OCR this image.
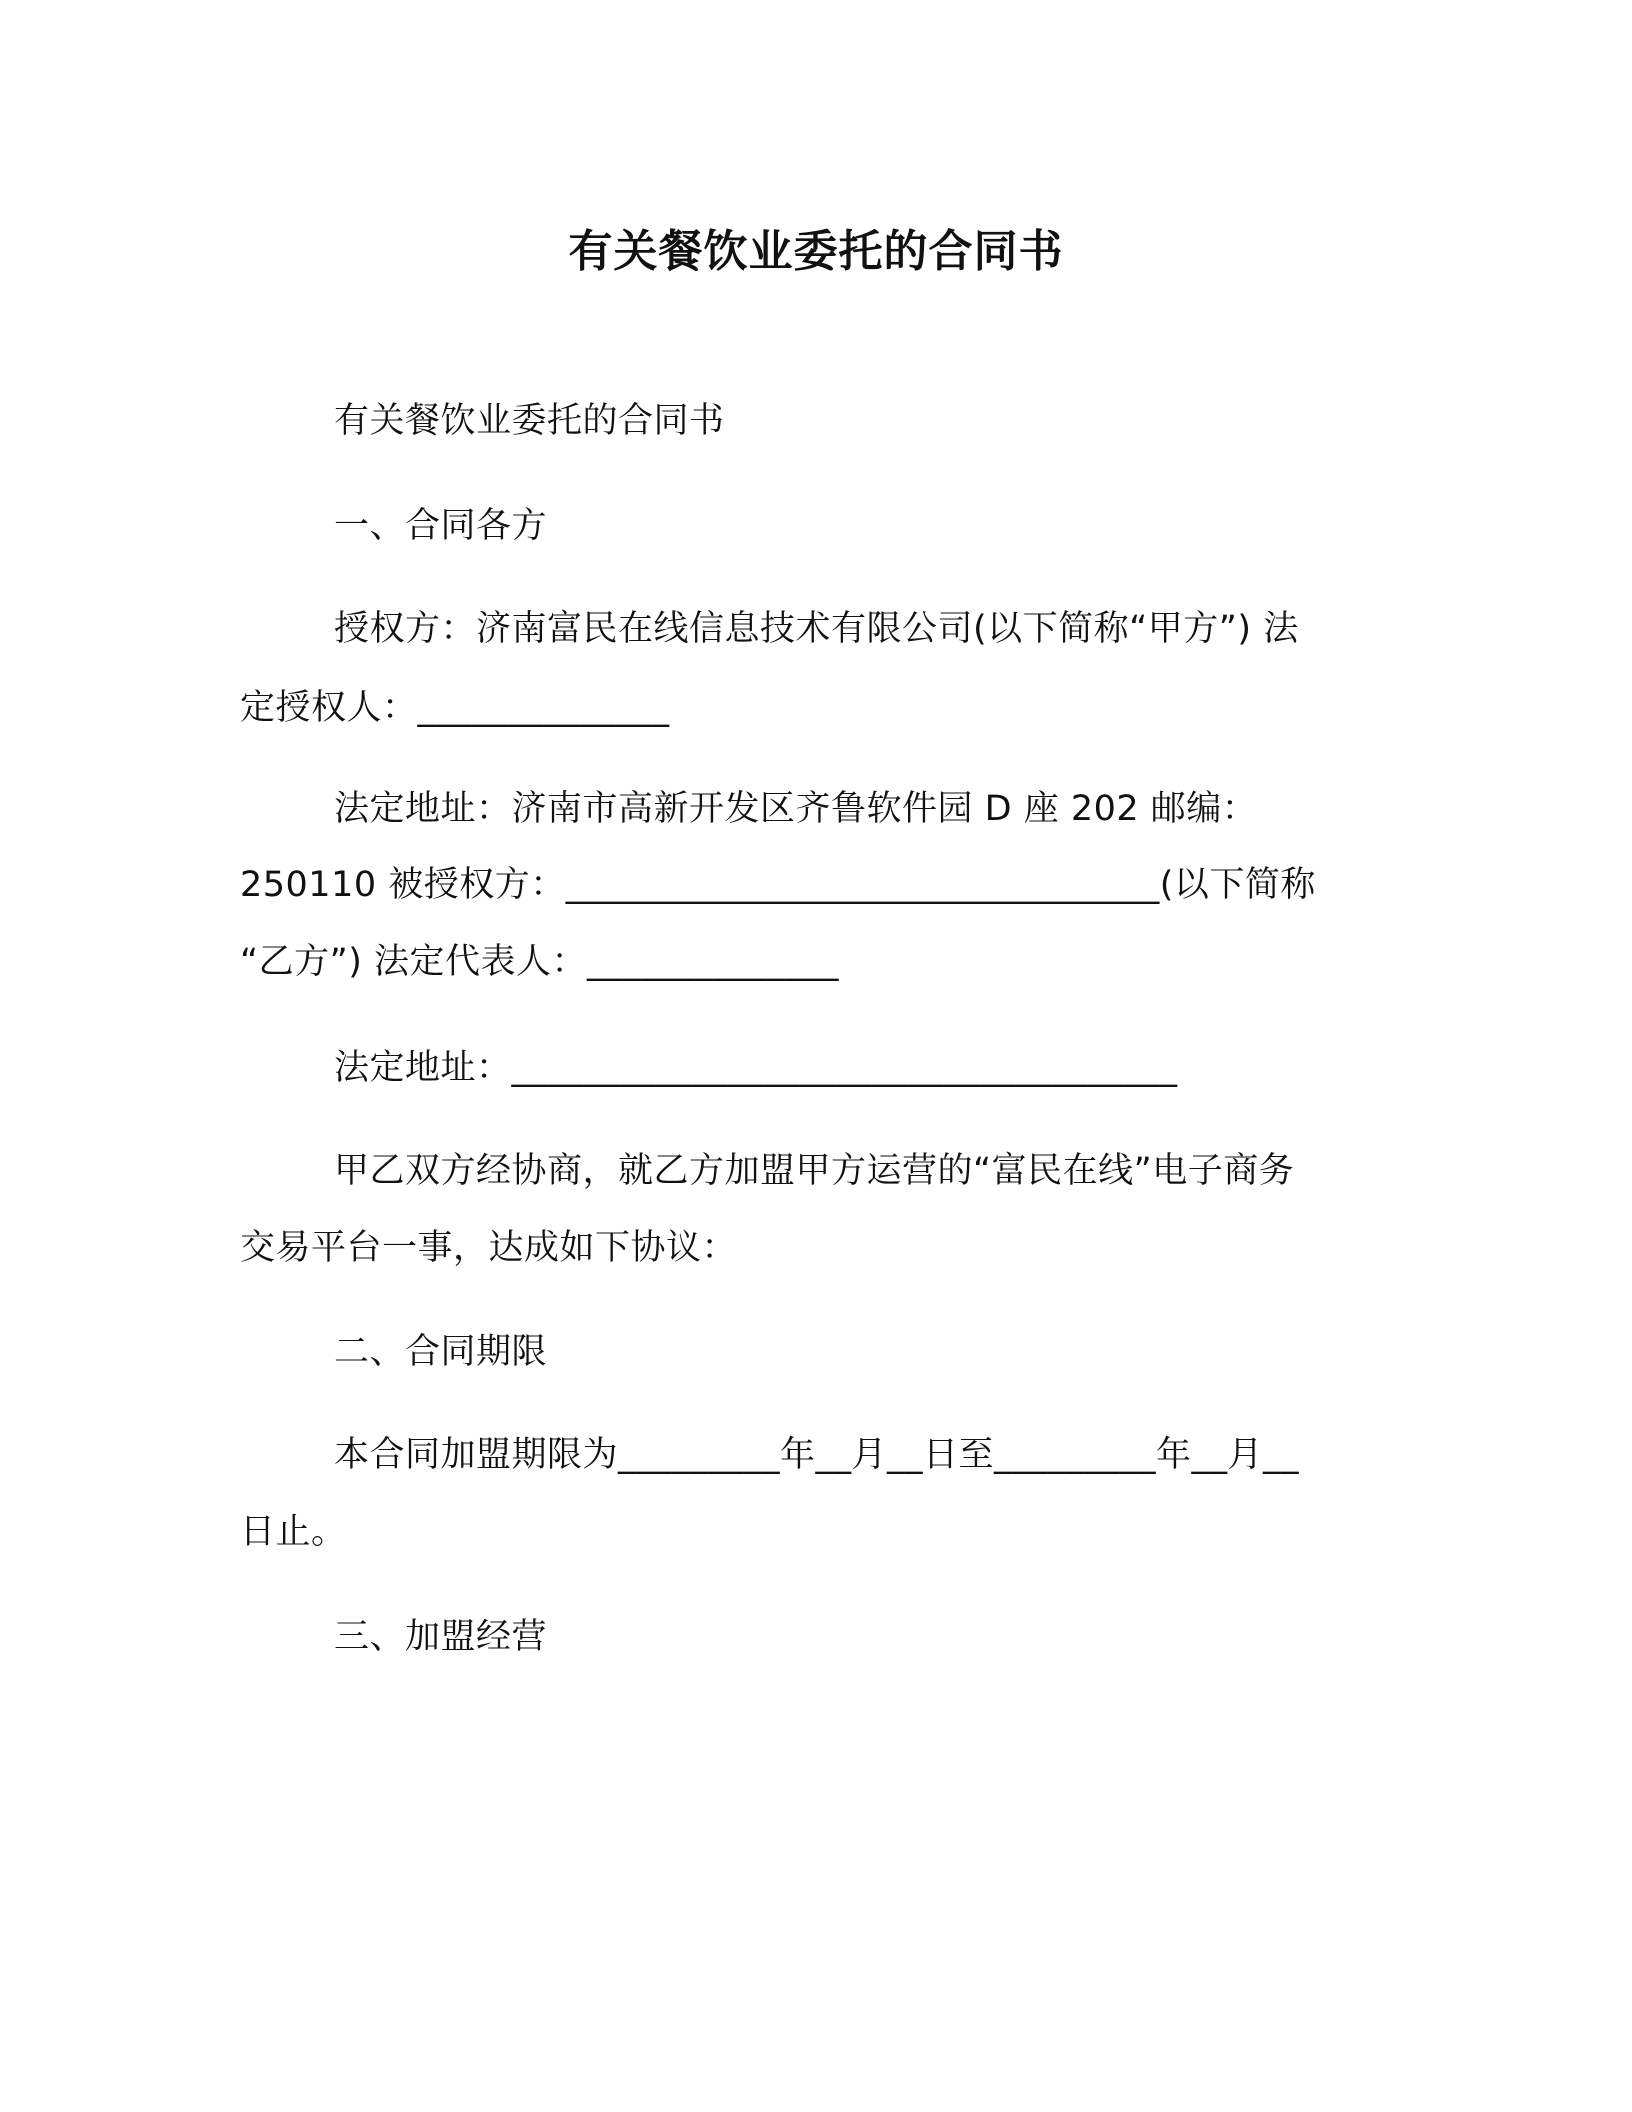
有关餐饮业委托的合同书
有关餐饮业委托的合同书
一、合同各方
授权方：济南富民在线信息技术有限公司(以下简称“甲方”) 法
定授权人：______________
法定地址：济南市高新开发区齐鲁软件园 D 座 202 邮编：
250110 被授权方：_________________________________(以下简称
“乙方”) 法定代表人：______________
法定地址：_____________________________________
甲乙双方经协商，就乙方加盟甲方运营的“富民在线”电子商务
交易平台一事，达成如下协议：
二、合同期限
本合同加盟期限为_________年__月__日至_________年__月__
日止。
三、加盟经营
